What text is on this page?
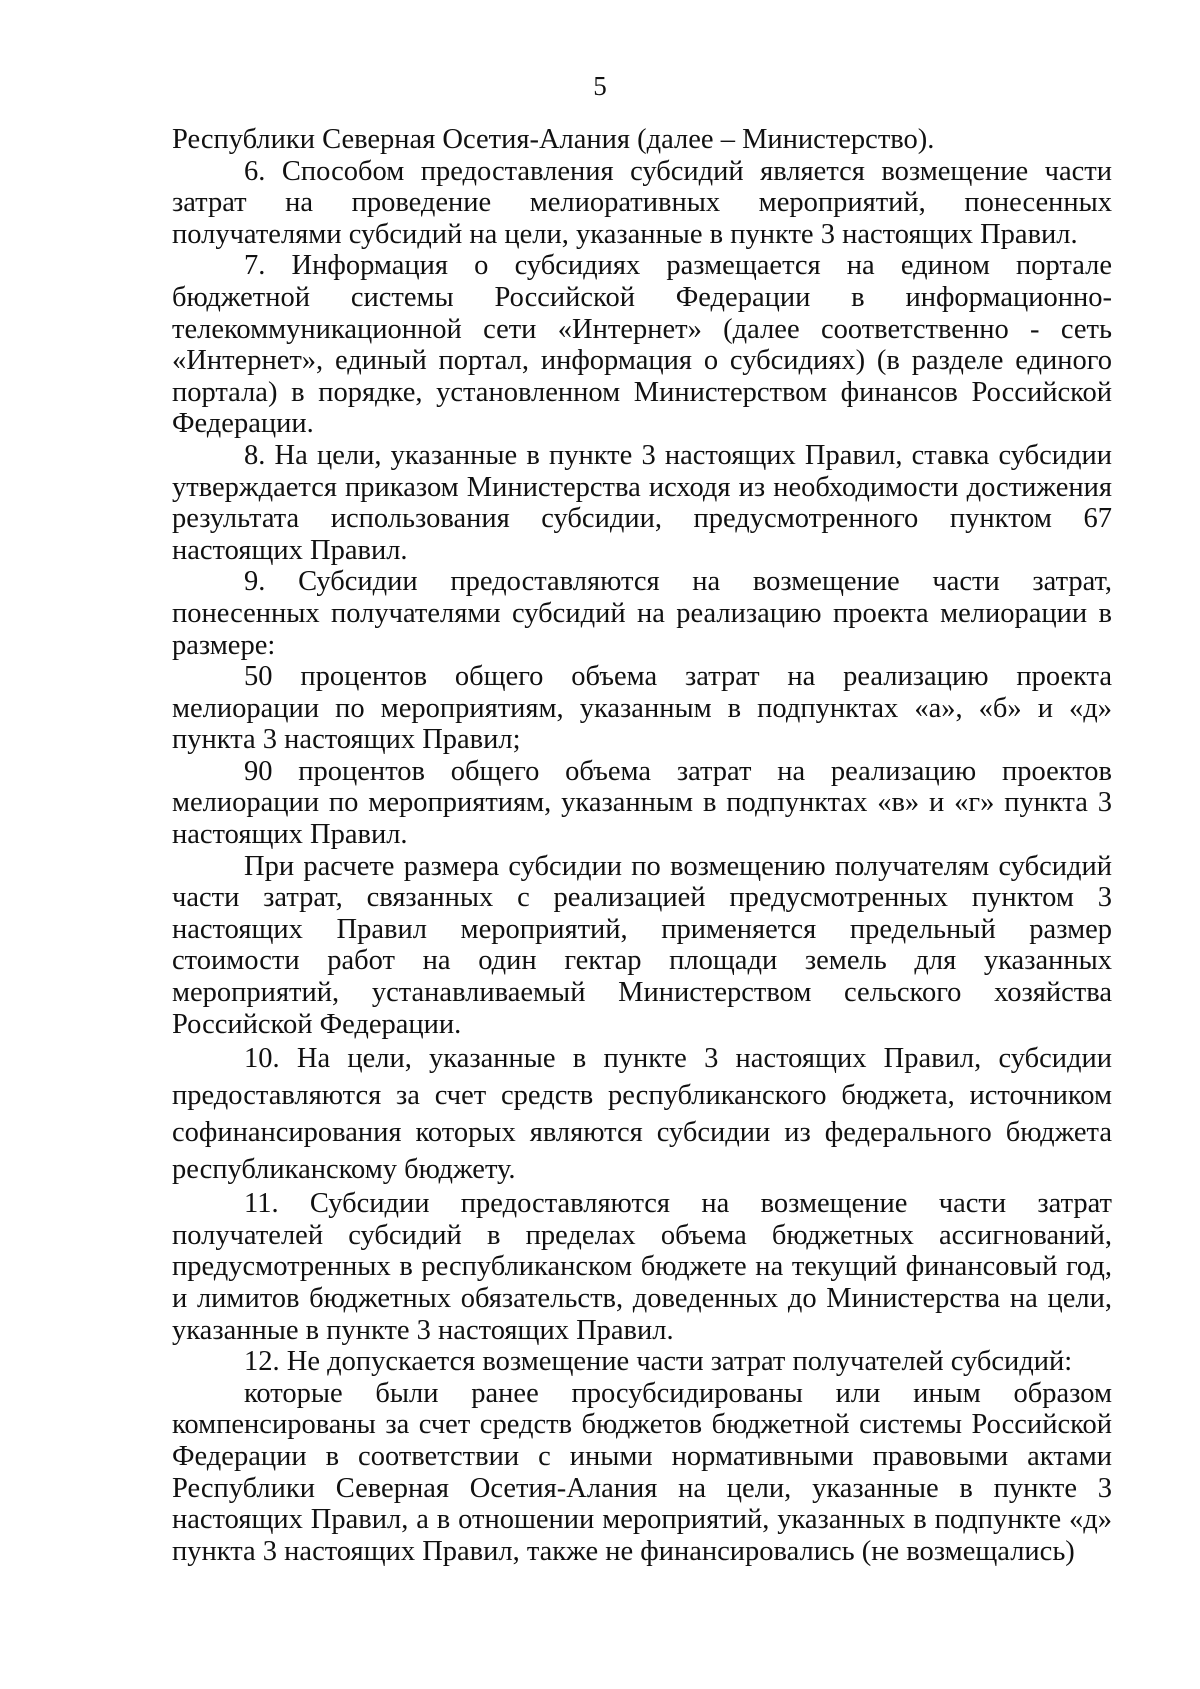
5

Республики Северная Осетия-Алания (далее – Министерство).

6. Способом предоставления субсидий является возмещение части затрат на проведение мелиоративных мероприятий, понесенных получателями субсидий на цели, указанные в пункте 3 настоящих Правил.

7. Информация о субсидиях размещается на едином портале бюджетной системы Российской Федерации в информационно-телекоммуникационной сети «Интернет» (далее соответственно - сеть «Интернет», единый портал, информация о субсидиях) (в разделе единого портала) в порядке, установленном Министерством финансов Российской Федерации.

8. На цели, указанные в пункте 3 настоящих Правил, ставка субсидии утверждается приказом Министерства исходя из необходимости достижения результата использования субсидии, предусмотренного пунктом 67 настоящих Правил.

9. Субсидии предоставляются на возмещение части затрат, понесенных получателями субсидий на реализацию проекта мелиорации в размере:

50 процентов общего объема затрат на реализацию проекта мелиорации по мероприятиям, указанным в подпунктах «а», «б» и «д» пункта 3 настоящих Правил;

90 процентов общего объема затрат на реализацию проектов мелиорации по мероприятиям, указанным в подпунктах «в» и «г» пункта 3 настоящих Правил.

При расчете размера субсидии по возмещению получателям субсидий части затрат, связанных с реализацией предусмотренных пунктом 3 настоящих Правил мероприятий, применяется предельный размер стоимости работ на один гектар площади земель для указанных мероприятий, устанавливаемый Министерством сельского хозяйства Российской Федерации.

10. На цели, указанные в пункте 3 настоящих Правил, субсидии предоставляются за счет средств республиканского бюджета, источником софинансирования которых являются субсидии из федерального бюджета республиканскому бюджету.

11. Субсидии предоставляются на возмещение части затрат получателей субсидий в пределах объема бюджетных ассигнований, предусмотренных в республиканском бюджете на текущий финансовый год, и лимитов бюджетных обязательств, доведенных до Министерства на цели, указанные в пункте 3 настоящих Правил.

12. Не допускается возмещение части затрат получателей субсидий:

которые были ранее просубсидированы или иным образом компенсированы за счет средств бюджетов бюджетной системы Российской Федерации в соответствии с иными нормативными правовыми актами Республики Северная Осетия-Алания на цели, указанные в пункте 3 настоящих Правил, а в отношении мероприятий, указанных в подпункте «д» пункта 3 настоящих Правил, также не финансировались (не возмещались)
